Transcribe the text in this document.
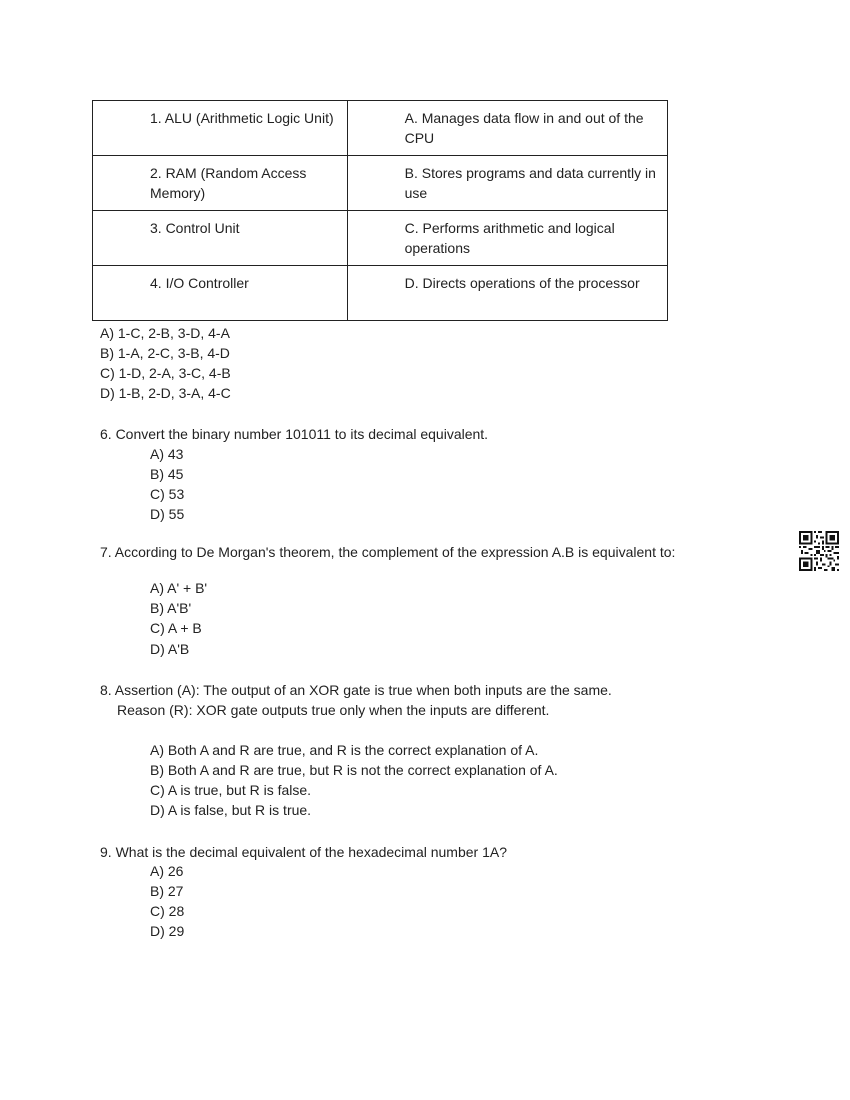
1. ALU (Arithmetic Logic Unit)	A. Manages data flow in and out of the CPU
2. RAM (Random Access Memory)	B. Stores programs and data currently in use
3. Control Unit	C. Performs arithmetic and logical operations
4. I/O Controller	D. Directs operations of the processor
A) 1-C, 2-B, 3-D, 4-A
B) 1-A, 2-C, 3-B, 4-D
C) 1-D, 2-A, 3-C, 4-B
D) 1-B, 2-D, 3-A, 4-C
6. Convert the binary number 101011 to its decimal equivalent.
A) 43
B) 45
C) 53
D) 55
7. According to De Morgan's theorem, the complement of the expression A.B is equivalent to:
A) A' + B'
B) A'B'
C) A + B
D) A'B
8. Assertion (A): The output of an XOR gate is true when both inputs are the same.
Reason (R): XOR gate outputs true only when the inputs are different.
A) Both A and R are true, and R is the correct explanation of A.
B) Both A and R are true, but R is not the correct explanation of A.
C) A is true, but R is false.
D) A is false, but R is true.
9. What is the decimal equivalent of the hexadecimal number 1A?
A) 26
B) 27
C) 28
D) 29
